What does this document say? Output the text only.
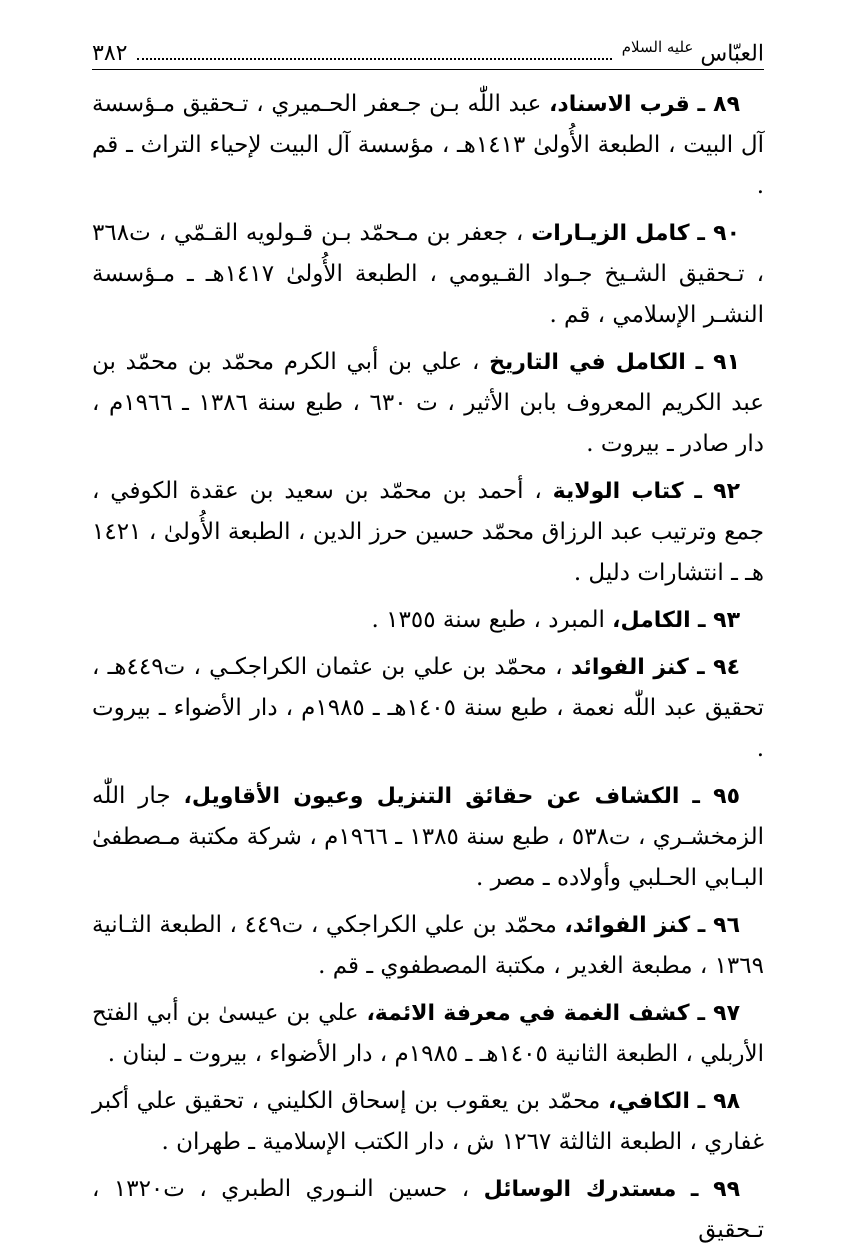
العبّاس $^{عليه السلام}$
٣٨٢

٨٩ ـ قرب الاسناد، عبد اللّٰه بـن جـعفر الحـميري ، تـحقيق مـؤسسة آل البيت ، الطبعة الأُولىٰ ١٤١٣هـ ، مؤسسة آل البيت لإحياء التراث ـ قم .

٩٠ ـ كامل الزيـارات ، جعفر بن مـحمّد بـن قـولويه القـمّي ، ت٣٦٨ ، تـحقيق الشـيخ جـواد القـيومي ، الطبعة الأُولىٰ ١٤١٧هـ ـ مـؤسسة النشـر الإسلامي ، قم .

٩١ ـ الكامل في التاريخ ، علي بن أبي الكرم محمّد بن محمّد بن عبد الكريم المعروف بابن الأثير ، ت ٦٣٠ ، طبع سنة ١٣٨٦ ـ ١٩٦٦م ، دار صادر ـ بيروت .

٩٢ ـ كتاب الولاية ، أحمد بن محمّد بن سعيد بن عقدة الكوفي ، جمع وترتيب عبد الرزاق محمّد حسين حرز الدين ، الطبعة الأُولىٰ ، ١٤٢١ هـ ـ انتشارات دليل .

٩٣ ـ الكامل، المبرد ، طبع سنة ١٣٥٥ .

٩٤ ـ كنز الفوائد ، محمّد بن علي بن عثمان الكراجكـي ، ت٤٤٩هـ ، تحقيق عبد اللّٰه نعمة ، طبع سنة ١٤٠٥هـ ـ ١٩٨٥م ، دار الأضواء ـ بيروت .

٩٥ ـ الكشاف عن حقائق التنزيل وعيون الأقاويل، جار اللّٰه الزمخشـري ، ت٥٣٨ ، طبع سنة ١٣٨٥ ـ ١٩٦٦م ، شركة مكتبة مـصطفىٰ البـابي الحـلبي وأولاده ـ مصر .

٩٦ ـ كنز الفوائد، محمّد بن علي الكراجكي ، ت٤٤٩ ، الطبعة الثـانية ١٣٦٩ ، مطبعة الغدير ، مكتبة المصطفوي ـ قم .

٩٧ ـ كشف الغمة في معرفة الائمة، علي بن عيسىٰ بن أبي الفتح الأربلي ، الطبعة الثانية ١٤٠٥هـ ـ ١٩٨٥م ، دار الأضواء ، بيروت ـ لبنان .

٩٨ ـ الكافي، محمّد بن يعقوب بن إسحاق الكليني ، تحقيق علي أكبر غفاري ، الطبعة الثالثة ١٢٦٧ ش ، دار الكتب الإسلامية ـ طهران .

٩٩ ـ مستدرك الوسائل ، حسين النـوري الطبري ، ت١٣٢٠ ، تـحقيق
